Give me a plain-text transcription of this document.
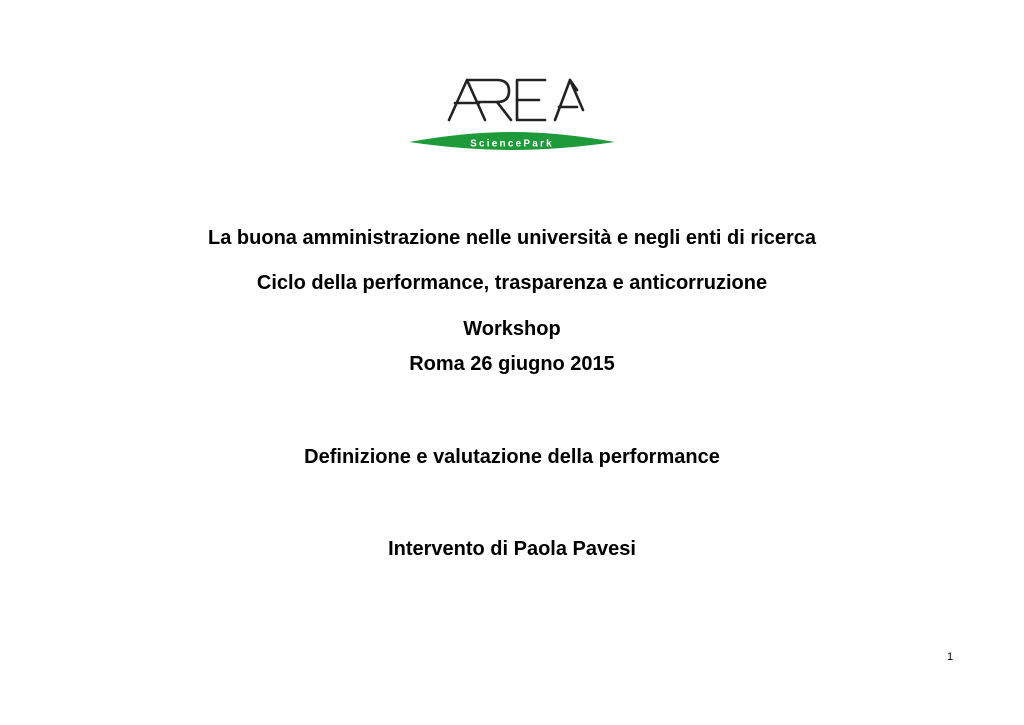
SciencePark
La buona amministrazione nelle università e negli enti di ricerca
Ciclo della performance, trasparenza e anticorruzione
Workshop
Roma 26 giugno 2015
Definizione e valutazione della performance
Intervento di Paola Pavesi
1
